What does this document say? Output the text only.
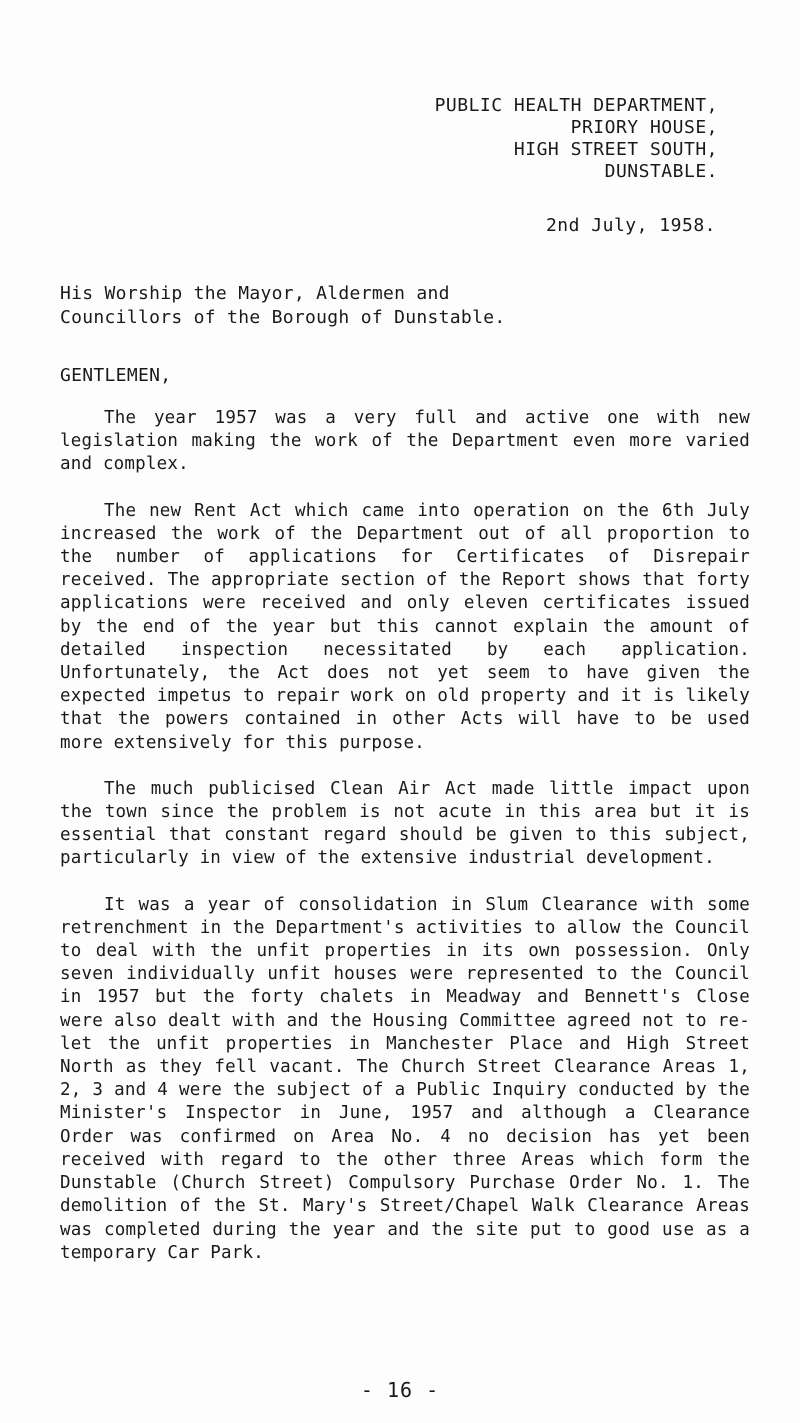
PUBLIC HEALTH DEPARTMENT,
PRIORY HOUSE,
HIGH STREET SOUTH,
DUNSTABLE.
2nd July, 1958.
His Worship the Mayor, Aldermen and
Councillors of the Borough of Dunstable.
GENTLEMEN,

The year 1957 was a very full and active one with new legislation making the work of the Department even more varied and complex.

The new Rent Act which came into operation on the 6th July increased the work of the Department out of all proportion to the number of applications for Certificates of Disrepair received. The appropriate section of the Report shows that forty applications were received and only eleven certificates issued by the end of the year but this cannot explain the amount of detailed inspection necessitated by each application. Unfortunately, the Act does not yet seem to have given the expected impetus to repair work on old property and it is likely that the powers contained in other Acts will have to be used more extensively for this purpose.

The much publicised Clean Air Act made little impact upon the town since the problem is not acute in this area but it is essential that constant regard should be given to this subject, particularly in view of the extensive industrial development.

It was a year of consolidation in Slum Clearance with some retrenchment in the Department's activities to allow the Council to deal with the unfit properties in its own possession. Only seven individually unfit houses were represented to the Council in 1957 but the forty chalets in Meadway and Bennett's Close were also dealt with and the Housing Committee agreed not to re-let the unfit properties in Manchester Place and High Street North as they fell vacant. The Church Street Clearance Areas 1, 2, 3 and 4 were the subject of a Public Inquiry conducted by the Minister's Inspector in June, 1957 and although a Clearance Order was confirmed on Area No. 4 no decision has yet been received with regard to the other three Areas which form the Dunstable (Church Street) Compulsory Purchase Order No. 1. The demolition of the St. Mary's Street/Chapel Walk Clearance Areas was completed during the year and the site put to good use as a temporary Car Park.

- 16 -
